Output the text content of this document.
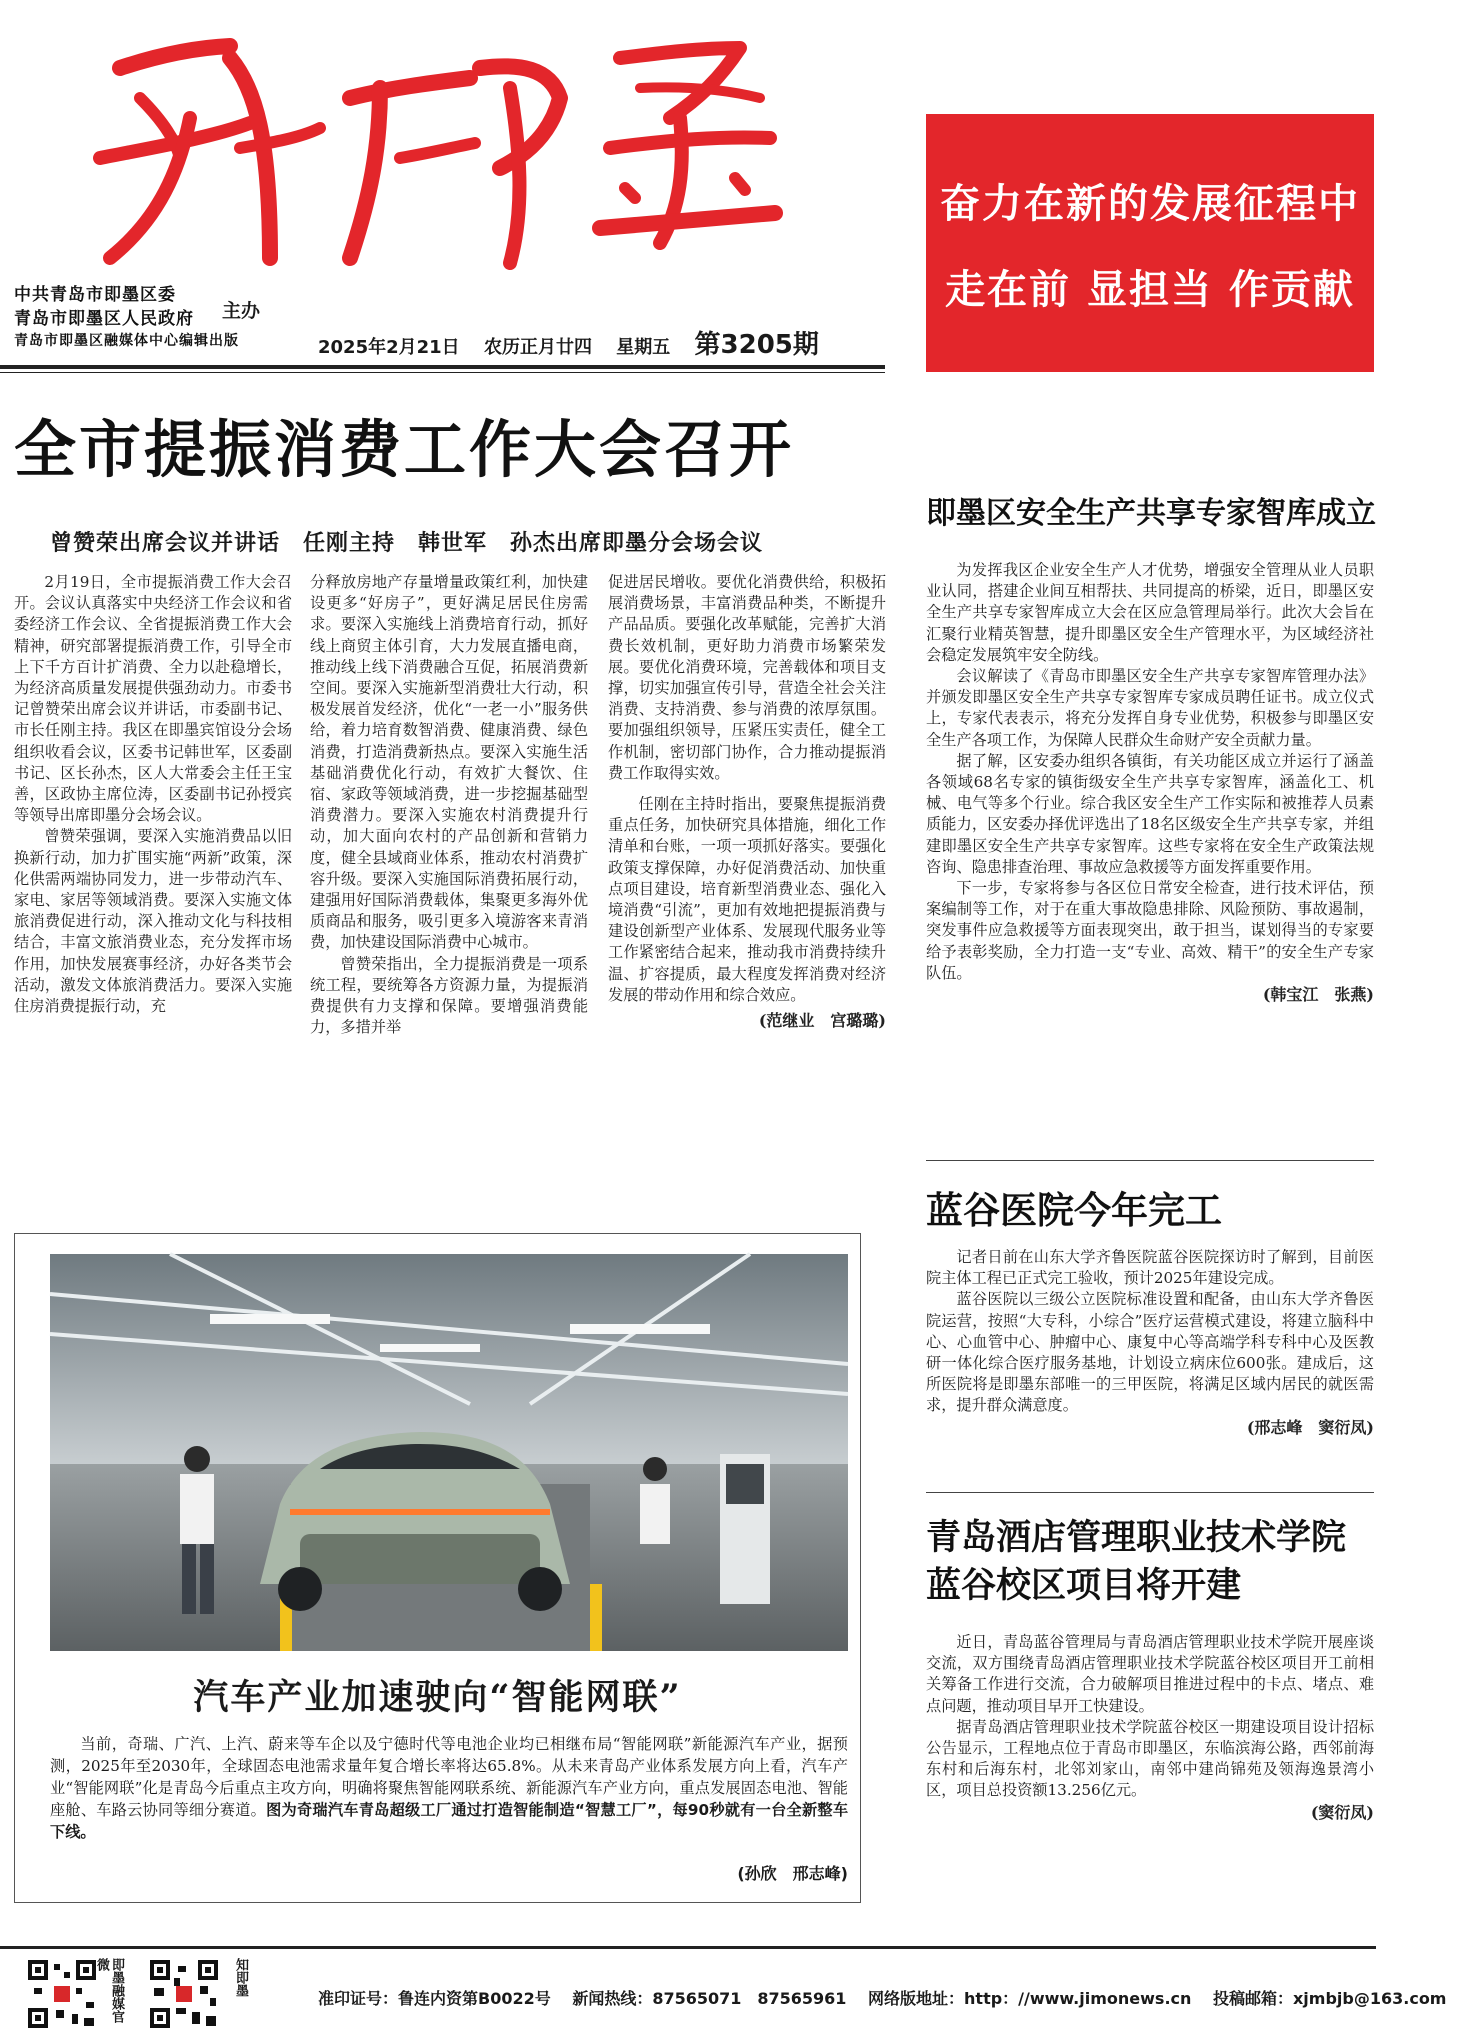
中共青岛市即墨区委
青岛市即墨区人民政府
青岛市即墨区融媒体中心编辑出版
主办
2025年2月21日 农历正月廿四 星期五 第3205期
奋力在新的发展征程中
走在前 显担当 作贡献
全市提振消费工作大会召开
曾赞荣出席会议并讲话　任刚主持　韩世军　孙杰出席即墨分会场会议

2月19日，全市提振消费工作大会召开。会议认真落实中央经济工作会议和省委经济工作会议、全省提振消费工作大会精神，研究部署提振消费工作，引导全市上下千方百计扩消费、全力以赴稳增长，为经济高质量发展提供强劲动力。市委书记曾赞荣出席会议并讲话，市委副书记、市长任刚主持。我区在即墨宾馆设分会场组织收看会议，区委书记韩世军，区委副书记、区长孙杰，区人大常委会主任王宝善，区政协主席位涛，区委副书记孙授宾等领导出席即墨分会场会议。

曾赞荣强调，要深入实施消费品以旧换新行动，加力扩围实施“两新”政策，深化供需两端协同发力，进一步带动汽车、家电、家居等领域消费。要深入实施文体旅消费促进行动，深入推动文化与科技相结合，丰富文旅消费业态，充分发挥市场作用，加快发展赛事经济，办好各类节会活动，激发文体旅消费活力。要深入实施住房消费提振行动，充

分释放房地产存量增量政策红利，加快建设更多“好房子”，更好满足居民住房需求。要深入实施线上消费培育行动，抓好线上商贸主体引育，大力发展直播电商，推动线上线下消费融合互促，拓展消费新空间。要深入实施新型消费壮大行动，积极发展首发经济，优化“一老一小”服务供给，着力培育数智消费、健康消费、绿色消费，打造消费新热点。要深入实施生活基础消费优化行动，有效扩大餐饮、住宿、家政等领域消费，进一步挖掘基础型消费潜力。要深入实施农村消费提升行动，加大面向农村的产品创新和营销力度，健全县域商业体系，推动农村消费扩容升级。要深入实施国际消费拓展行动，建强用好国际消费载体，集聚更多海外优质商品和服务，吸引更多入境游客来青消费，加快建设国际消费中心城市。

曾赞荣指出，全力提振消费是一项系统工程，要统筹各方资源力量，为提振消费提供有力支撑和保障。要增强消费能力，多措并举

促进居民增收。要优化消费供给，积极拓展消费场景，丰富消费品种类，不断提升产品品质。要强化改革赋能，完善扩大消费长效机制，更好助力消费市场繁荣发展。要优化消费环境，完善载体和项目支撑，切实加强宣传引导，营造全社会关注消费、支持消费、参与消费的浓厚氛围。要加强组织领导，压紧压实责任，健全工作机制，密切部门协作，合力推动提振消费工作取得实效。

任刚在主持时指出，要聚焦提振消费重点任务，加快研究具体措施，细化工作清单和台账，一项一项抓好落实。要强化政策支撑保障，办好促消费活动、加快重点项目建设，培育新型消费业态、强化入境消费“引流”，更加有效地把提振消费与建设创新型产业体系、发展现代服务业等工作紧密结合起来，推动我市消费持续升温、扩容提质，最大程度发挥消费对经济发展的带动作用和综合效应。

(范继业　宫璐璐)
汽车产业加速驶向“智能网联”
当前，奇瑞、广汽、上汽、蔚来等车企以及宁德时代等电池企业均已相继布局“智能网联”新能源汽车产业，据预测，2025年至2030年，全球固态电池需求量年复合增长率将达65.8%。从未来青岛产业体系发展方向上看，汽车产业“智能网联”化是青岛今后重点主攻方向，明确将聚焦智能网联系统、新能源汽车产业方向，重点发展固态电池、智能座舱、车路云协同等细分赛道。图为奇瑞汽车青岛超级工厂通过打造智能制造“智慧工厂”，每90秒就有一台全新整车下线。
(孙欣　邢志峰)
即墨区安全生产共享专家智库成立

为发挥我区企业安全生产人才优势，增强安全管理从业人员职业认同，搭建企业间互相帮扶、共同提高的桥梁，近日，即墨区安全生产共享专家智库成立大会在区应急管理局举行。此次大会旨在汇聚行业精英智慧，提升即墨区安全生产管理水平，为区域经济社会稳定发展筑牢安全防线。

会议解读了《青岛市即墨区安全生产共享专家智库管理办法》并颁发即墨区安全生产共享专家智库专家成员聘任证书。成立仪式上，专家代表表示，将充分发挥自身专业优势，积极参与即墨区安全生产各项工作，为保障人民群众生命财产安全贡献力量。

据了解，区安委办组织各镇街，有关功能区成立并运行了涵盖各领域68名专家的镇街级安全生产共享专家智库，涵盖化工、机械、电气等多个行业。综合我区安全生产工作实际和被推荐人员素质能力，区安委办择优评选出了18名区级安全生产共享专家，并组建即墨区安全生产共享专家智库。这些专家将在安全生产政策法规咨询、隐患排查治理、事故应急救援等方面发挥重要作用。

下一步，专家将参与各区位日常安全检查，进行技术评估，预案编制等工作，对于在重大事故隐患排除、风险预防、事故遏制，突发事件应急救援等方面表现突出，敢于担当，谋划得当的专家要给予表彰奖励，全力打造一支“专业、高效、精干”的安全生产专家队伍。

(韩宝江　张燕)
蓝谷医院今年完工

记者日前在山东大学齐鲁医院蓝谷医院探访时了解到，目前医院主体工程已正式完工验收，预计2025年建设完成。

蓝谷医院以三级公立医院标准设置和配备，由山东大学齐鲁医院运营，按照“大专科，小综合”医疗运营模式建设，将建立脑科中心、心血管中心、肿瘤中心、康复中心等高端学科专科中心及医教研一体化综合医疗服务基地，计划设立病床位600张。建成后，这所医院将是即墨东部唯一的三甲医院，将满足区域内居民的就医需求，提升群众满意度。

(邢志峰　窦衍凤)
青岛酒店管理职业技术学院
蓝谷校区项目将开建

近日，青岛蓝谷管理局与青岛酒店管理职业技术学院开展座谈交流，双方围绕青岛酒店管理职业技术学院蓝谷校区项目开工前相关筹备工作进行交流，合力破解项目推进过程中的卡点、堵点、难点问题，推动项目早开工快建设。

据青岛酒店管理职业技术学院蓝谷校区一期建设项目设计招标公告显示，工程地点位于青岛市即墨区，东临滨海公路，西邻前海东村和后海东村，北邻刘家山，南邻中建尚锦苑及领海逸景湾小区，项目总投资额13.256亿元。

(窦衍凤)
即墨融媒官微	知即墨
准印证号：鲁连内资第B0022号 新闻热线：87565071　87565961 网络版地址：http：//www.jimonews.cn 投稿邮箱：xjmbjb@163.com
